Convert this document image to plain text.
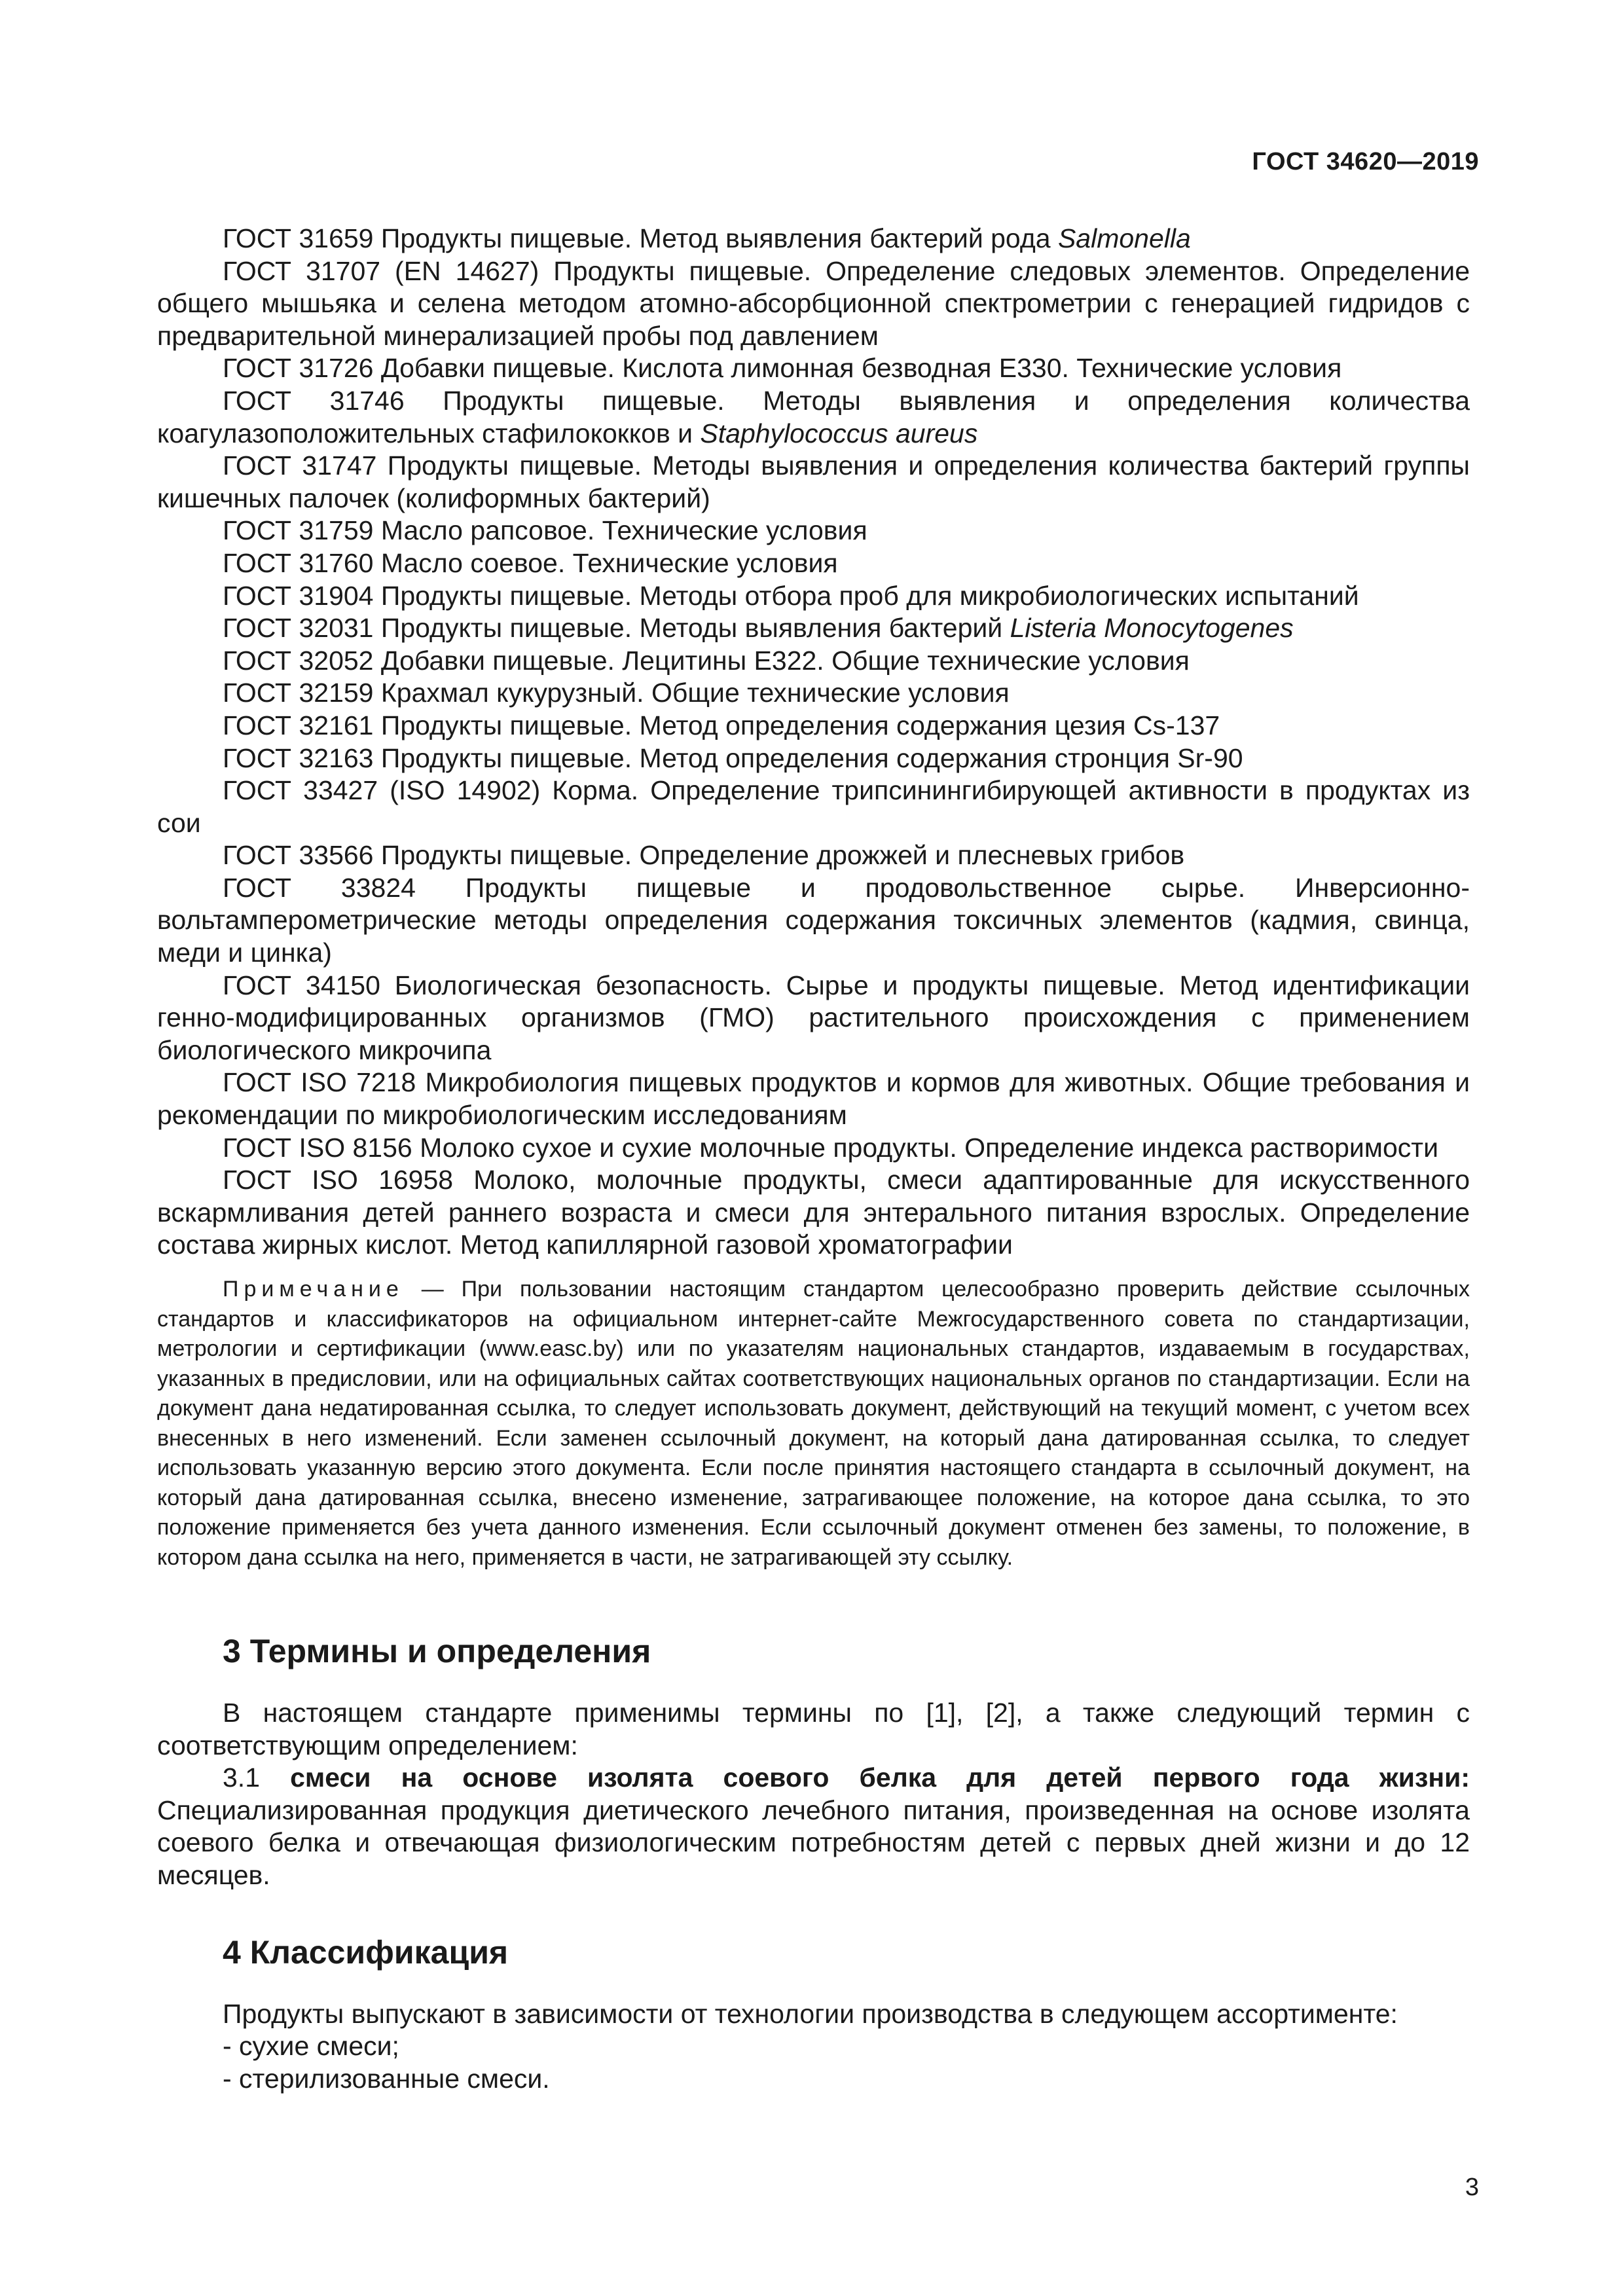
ГОСТ 34620—2019

ГОСТ 31659 Продукты пищевые. Метод выявления бактерий рода Salmonella

ГОСТ 31707 (EN 14627) Продукты пищевые. Определение следовых элементов. Определение общего мышьяка и селена методом атомно-абсорбционной спектрометрии с генерацией гидридов с предварительной минерализацией пробы под давлением

ГОСТ 31726 Добавки пищевые. Кислота лимонная безводная Е330. Технические условия

ГОСТ 31746 Продукты пищевые. Методы выявления и определения количества коагулазоположительных стафилококков и Staphylococcus aureus

ГОСТ 31747 Продукты пищевые. Методы выявления и определения количества бактерий группы кишечных палочек (колиформных бактерий)

ГОСТ 31759 Масло рапсовое. Технические условия

ГОСТ 31760 Масло соевое. Технические условия

ГОСТ 31904 Продукты пищевые. Методы отбора проб для микробиологических испытаний

ГОСТ 32031 Продукты пищевые. Методы выявления бактерий Listeria Monocytogenes

ГОСТ 32052 Добавки пищевые. Лецитины Е322. Общие технические условия

ГОСТ 32159 Крахмал кукурузный. Общие технические условия

ГОСТ 32161 Продукты пищевые. Метод определения содержания цезия Cs-137

ГОСТ 32163 Продукты пищевые. Метод определения содержания стронция Sr-90

ГОСТ 33427 (ISO 14902) Корма. Определение трипсинингибирующей активности в продуктах из сои

ГОСТ 33566 Продукты пищевые. Определение дрожжей и плесневых грибов

ГОСТ 33824 Продукты пищевые и продовольственное сырье. Инверсионно-вольтамперометрические методы определения содержания токсичных элементов (кадмия, свинца, меди и цинка)

ГОСТ 34150 Биологическая безопасность. Сырье и продукты пищевые. Метод идентификации генно-модифицированных организмов (ГМО) растительного происхождения с применением биологического микрочипа

ГОСТ ISO 7218 Микробиология пищевых продуктов и кормов для животных. Общие требования и рекомендации по микробиологическим исследованиям

ГОСТ ISO 8156 Молоко сухое и сухие молочные продукты. Определение индекса растворимости

ГОСТ ISO 16958 Молоко, молочные продукты, смеси адаптированные для искусственного вскармливания детей раннего возраста и смеси для энтерального питания взрослых. Определение состава жирных кислот. Метод капиллярной газовой хроматографии

Примечание — При пользовании настоящим стандартом целесообразно проверить действие ссылочных стандартов и классификаторов на официальном интернет-сайте Межгосударственного совета по стандартизации, метрологии и сертификации (www.easc.by) или по указателям национальных стандартов, издаваемым в государствах, указанных в предисловии, или на официальных сайтах соответствующих национальных органов по стандартизации. Если на документ дана недатированная ссылка, то следует использовать документ, действующий на текущий момент, с учетом всех внесенных в него изменений. Если заменен ссылочный документ, на который дана датированная ссылка, то следует использовать указанную версию этого документа. Если после принятия настоящего стандарта в ссылочный документ, на который дана датированная ссылка, внесено изменение, затрагивающее положение, на которое дана ссылка, то это положение применяется без учета данного изменения. Если ссылочный документ отменен без замены, то положение, в котором дана ссылка на него, применяется в части, не затрагивающей эту ссылку.

3 Термины и определения

В настоящем стандарте применимы термины по [1], [2], а также следующий термин с соответствующим определением:

3.1 смеси на основе изолята соевого белка для детей первого года жизни: Специализированная продукция диетического лечебного питания, произведенная на основе изолята соевого белка и отвечающая физиологическим потребностям детей с первых дней жизни и до 12 месяцев.

4 Классификация

Продукты выпускают в зависимости от технологии производства в следующем ассортименте:

- сухие смеси;
- стерилизованные смеси.
3
